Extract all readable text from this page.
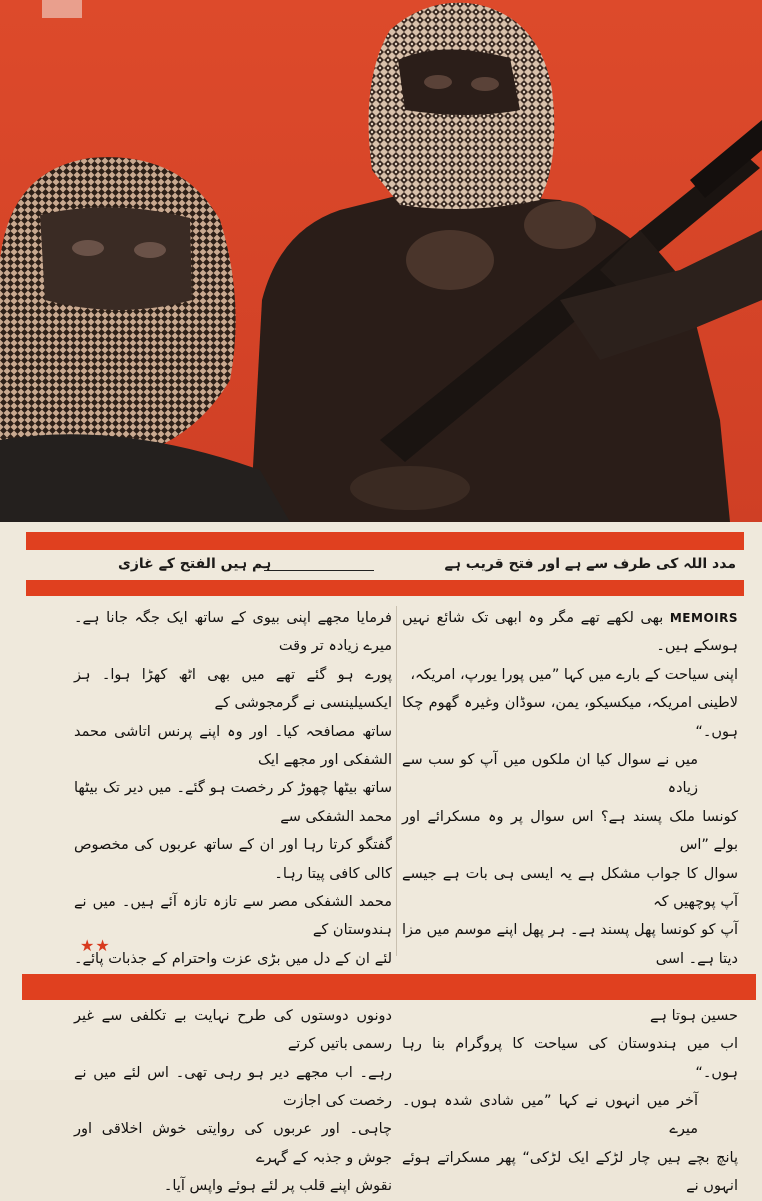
مدد اللہ کی طرف سے ہے اور فتح قریب ہے
ہم ہیں الفتح کے غازی

MEMOIRS بھی لکھے تھے مگر وہ ابھی تک شائع نہیں ہوسکے ہیں۔

اپنی سیاحت کے بارے میں کہا ”میں پورا یورپ، امریکہ،

لاطینی امریکہ، میکسیکو، یمن، سوڈان وغیرہ گھوم چکا ہوں۔“

میں نے سوال کیا ان ملکوں میں آپ کو سب سے زیادہ

کونسا ملک پسند ہے؟ اس سوال پر وہ مسکرائے اور بولے ”اس

سوال کا جواب مشکل ہے یہ ایسی ہی بات ہے جیسے آپ پوچھیں کہ

آپ کو کونسا پھل پسند ہے۔ ہر پھل اپنے موسم میں مزا دیتا ہے۔ اسی

حسین ہوتا ہے

اب میں ہندوستان کی سیاحت کا پروگرام بنا رہا ہوں۔“

آخر میں انہوں نے کہا ”میں شادی شدہ ہوں۔ میرے

پانچ بچے ہیں چار لڑکے ایک لڑکی“ پھر مسکراتے ہوئے انہوں نے

فرمایا مجھے اپنی بیوی کے ساتھ ایک جگہ جانا ہے۔ میرے زیادہ تر وقت

پورے ہو گئے تھے میں بھی اٹھ کھڑا ہوا۔ ہز ایکسیلینسی نے گرمجوشی کے

ساتھ مصافحہ کیا۔ اور وہ اپنے پرنس اتاشی محمد الشفکی اور مجھے ایک

ساتھ بیٹھا چھوڑ کر رخصت ہو گئے۔ میں دیر تک بیٹھا محمد الشفکی سے

گفتگو کرتا رہا اور ان کے ساتھ عربوں کی مخصوص کالی کافی پیتا رہا۔

محمد الشفکی مصر سے تازہ تازہ آئے ہیں۔ میں نے ہندوستان کے

لئے ان کے دل میں بڑی عزت واحترام کے جذبات پائے۔

دونوں دوستوں کی طرح نہایت بے تکلفی سے غیر رسمی باتیں کرتے

رہے۔ اب مجھے دیر ہو رہی تھی۔ اس لئے میں نے رخصت کی اجازت

چاہی۔ اور عربوں کی روایتی خوش اخلاقی اور جوش و جذبہ کے گہرے

نقوش اپنے قلب پر لئے ہوئے واپس آیا۔

★★
